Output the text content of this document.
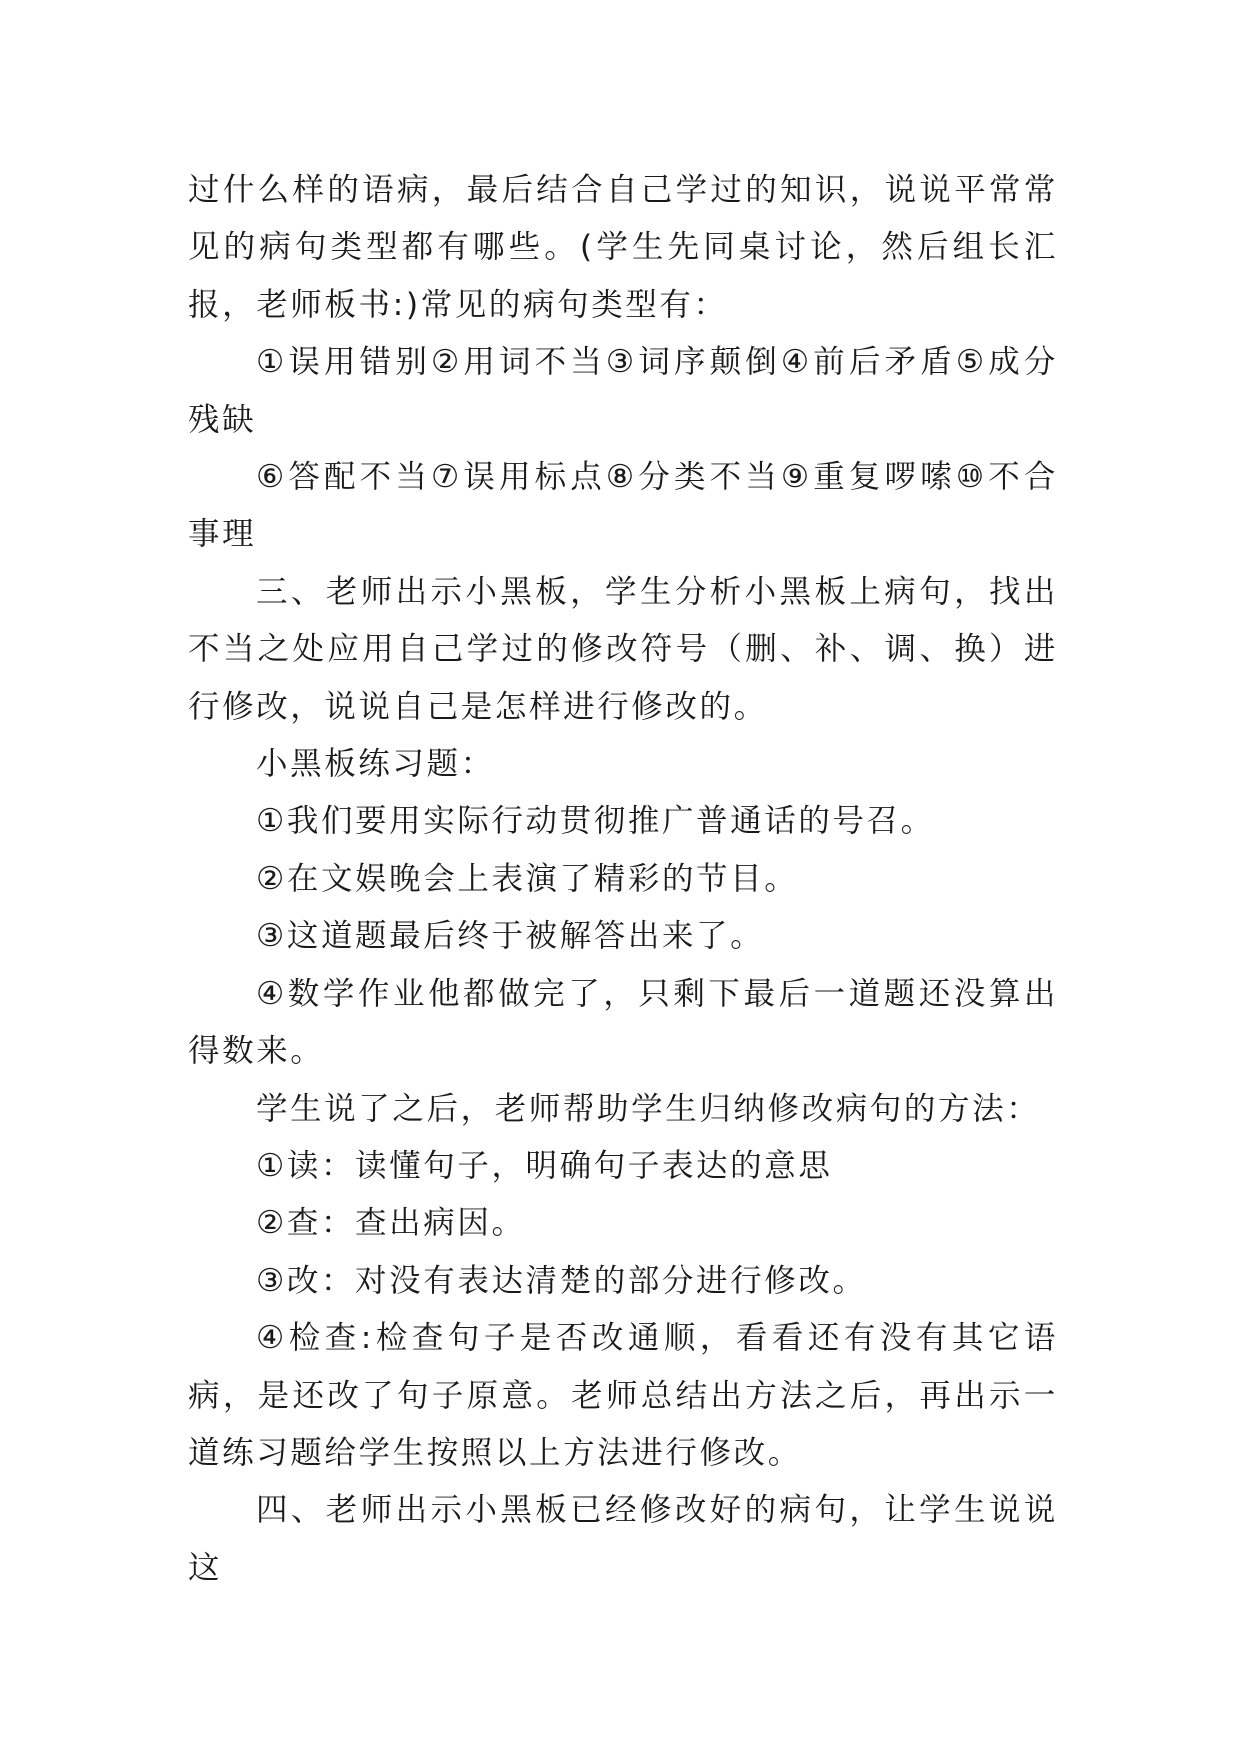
过什么样的语病，最后结合自己学过的知识，说说平常常见的病句类型都有哪些。(学生先同桌讨论，然后组长汇报，老师板书:)常见的病句类型有：

①误用错别②用词不当③词序颠倒④前后矛盾⑤成分残缺

⑥答配不当⑦误用标点⑧分类不当⑨重复啰嗦⑩不合事理

三、老师出示小黑板，学生分析小黑板上病句，找出不当之处应用自己学过的修改符号（删、补、调、换）进行修改，说说自己是怎样进行修改的。

小黑板练习题：

①我们要用实际行动贯彻推广普通话的号召。

②在文娱晚会上表演了精彩的节目。

③这道题最后终于被解答出来了。

④数学作业他都做完了，只剩下最后一道题还没算出得数来。

学生说了之后，老师帮助学生归纳修改病句的方法：

①读：读懂句子，明确句子表达的意思

②查：查出病因。

③改：对没有表达清楚的部分进行修改。

④检查:检查句子是否改通顺，看看还有没有其它语病，是还改了句子原意。老师总结出方法之后，再出示一道练习题给学生按照以上方法进行修改。

四、老师出示小黑板已经修改好的病句，让学生说说这
